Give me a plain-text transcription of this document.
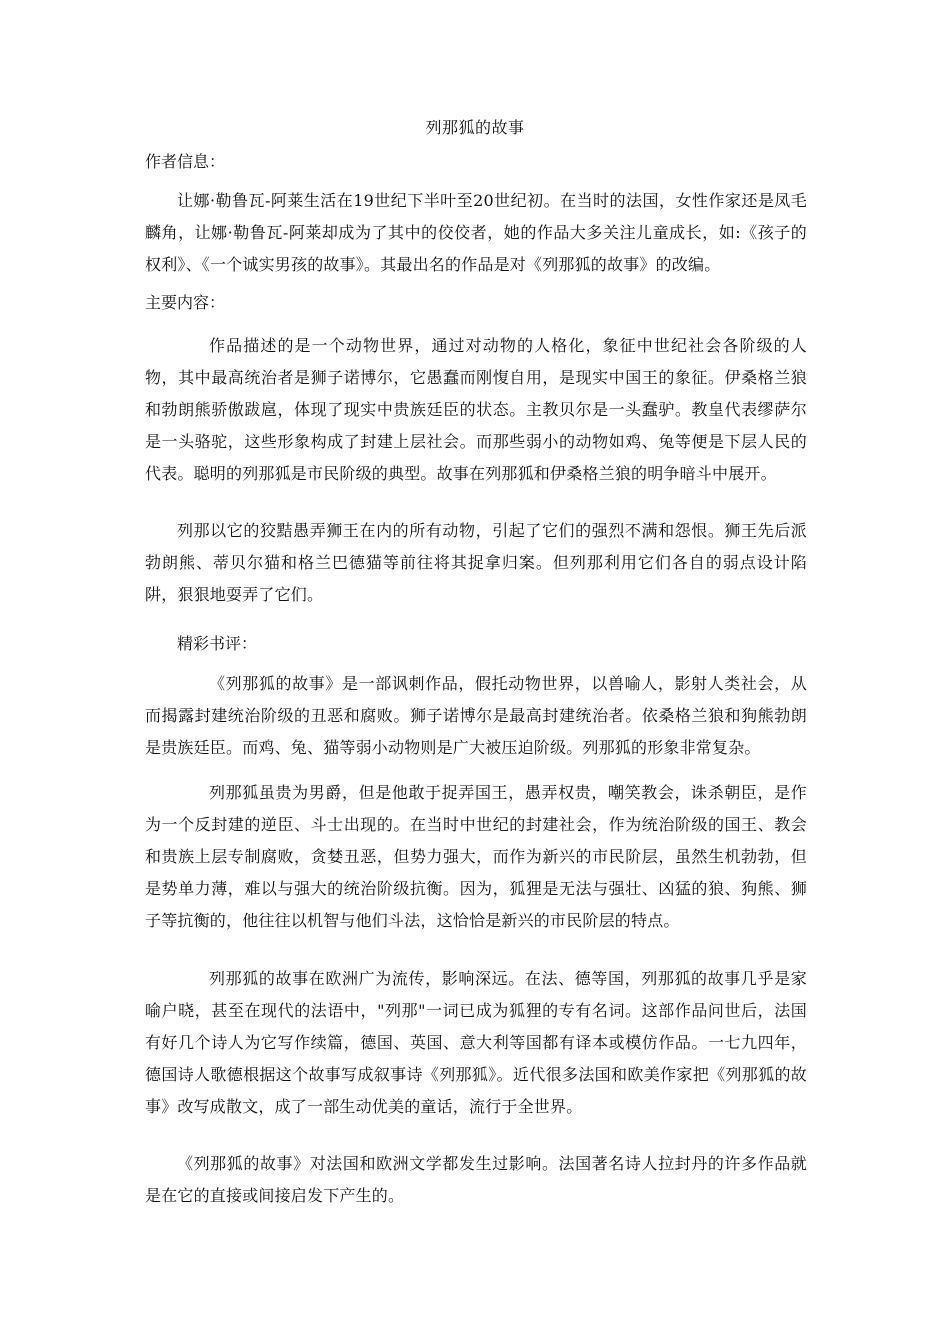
列那狐的故事
作者信息：
让娜·勒鲁瓦-阿莱生活在19世纪下半叶至20世纪初。在当时的法国，女性作家还是凤毛麟角，让娜·勒鲁瓦-阿莱却成为了其中的佼佼者，她的作品大多关注儿童成长，如:《孩子的权利》、《一个诚实男孩的故事》。其最出名的作品是对《列那狐的故事》的改编。
主要内容：
作品描述的是一个动物世界，通过对动物的人格化，象征中世纪社会各阶级的人物，其中最高统治者是狮子诺博尔，它愚蠢而刚愎自用，是现实中国王的象征。伊桑格兰狼和勃朗熊骄傲跋扈，体现了现实中贵族廷臣的状态。主教贝尔是一头蠢驴。教皇代表缪萨尔是一头骆驼，这些形象构成了封建上层社会。而那些弱小的动物如鸡、兔等便是下层人民的代表。聪明的列那狐是市民阶级的典型。故事在列那狐和伊桑格兰狼的明争暗斗中展开。
列那以它的狡黠愚弄狮王在内的所有动物，引起了它们的强烈不满和怨恨。狮王先后派勃朗熊、蒂贝尔猫和格兰巴德猫等前往将其捉拿归案。但列那利用它们各自的弱点设计陷阱，狠狠地耍弄了它们。
精彩书评：
《列那狐的故事》是一部讽刺作品，假托动物世界，以兽喻人，影射人类社会，从而揭露封建统治阶级的丑恶和腐败。狮子诺博尔是最高封建统治者。依桑格兰狼和狗熊勃朗是贵族廷臣。而鸡、兔、猫等弱小动物则是广大被压迫阶级。列那狐的形象非常复杂。
列那狐虽贵为男爵，但是他敢于捉弄国王，愚弄权贵，嘲笑教会，诛杀朝臣，是作为一个反封建的逆臣、斗士出现的。在当时中世纪的封建社会，作为统治阶级的国王、教会和贵族上层专制腐败，贪婪丑恶，但势力强大，而作为新兴的市民阶层，虽然生机勃勃，但是势单力薄，难以与强大的统治阶级抗衡。因为，狐狸是无法与强壮、凶猛的狼、狗熊、狮子等抗衡的，他往往以机智与他们斗法，这恰恰是新兴的市民阶层的特点。
列那狐的故事在欧洲广为流传，影响深远。在法、德等国，列那狐的故事几乎是家喻户晓，甚至在现代的法语中，"列那"一词已成为狐狸的专有名词。这部作品问世后，法国有好几个诗人为它写作续篇，德国、英国、意大利等国都有译本或模仿作品。一七九四年，德国诗人歌德根据这个故事写成叙事诗《列那狐》。近代很多法国和欧美作家把《列那狐的故事》改写成散文，成了一部生动优美的童话，流行于全世界。
《列那狐的故事》对法国和欧洲文学都发生过影响。法国著名诗人拉封丹的许多作品就是在它的直接或间接启发下产生的。
